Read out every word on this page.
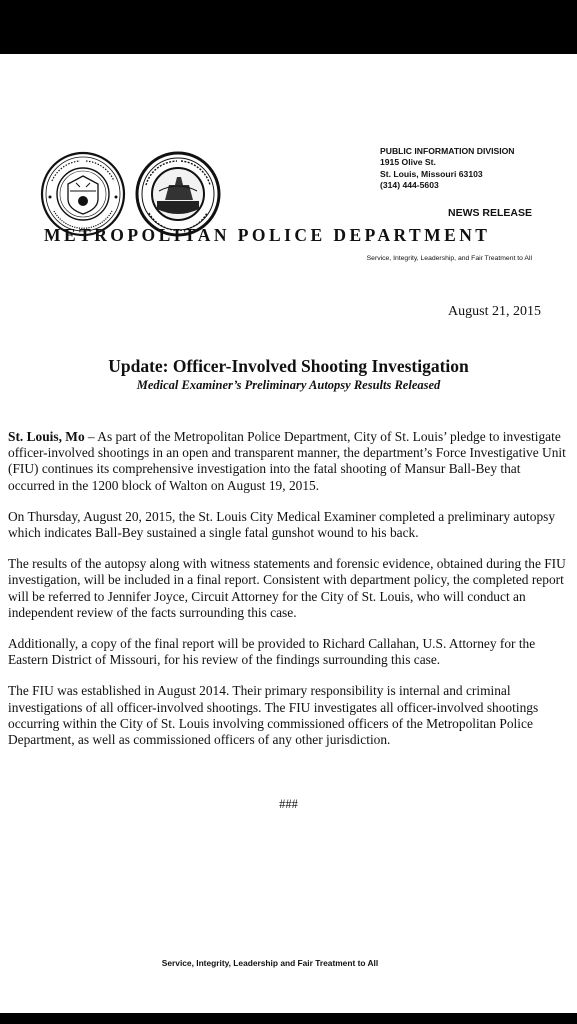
PUBLIC INFORMATION DIVISION
1915 Olive St.
St. Louis, Missouri 63103
(314) 444-5603
NEWS RELEASE
METROPOLITAN POLICE DEPARTMENT
Service, Integrity, Leadership, and Fair Treatment to All
August 21, 2015
Update: Officer-Involved Shooting Investigation
Medical Examiner’s Preliminary Autopsy Results Released

St. Louis, Mo – As part of the Metropolitan Police Department, City of St. Louis’ pledge to investigate officer-involved shootings in an open and transparent manner, the department’s Force Investigative Unit (FIU) continues its comprehensive investigation into the fatal shooting of Mansur Ball-Bey that occurred in the 1200 block of Walton on August 19, 2015.

On Thursday, August 20, 2015, the St. Louis City Medical Examiner completed a preliminary autopsy which indicates Ball-Bey sustained a single fatal gunshot wound to his back.

The results of the autopsy along with witness statements and forensic evidence, obtained during the FIU investigation, will be included in a final report. Consistent with department policy, the completed report will be referred to Jennifer Joyce, Circuit Attorney for the City of St. Louis, who will conduct an independent review of the facts surrounding this case.

Additionally, a copy of the final report will be provided to Richard Callahan, U.S. Attorney for the Eastern District of Missouri, for his review of the findings surrounding this case.

The FIU was established in August 2014. Their primary responsibility is internal and criminal investigations of all officer-involved shootings. The FIU investigates all officer-involved shootings occurring within the City of St. Louis involving commissioned officers of the Metropolitan Police Department, as well as commissioned officers of any other jurisdiction.

###
Service, Integrity, Leadership and Fair Treatment to All
